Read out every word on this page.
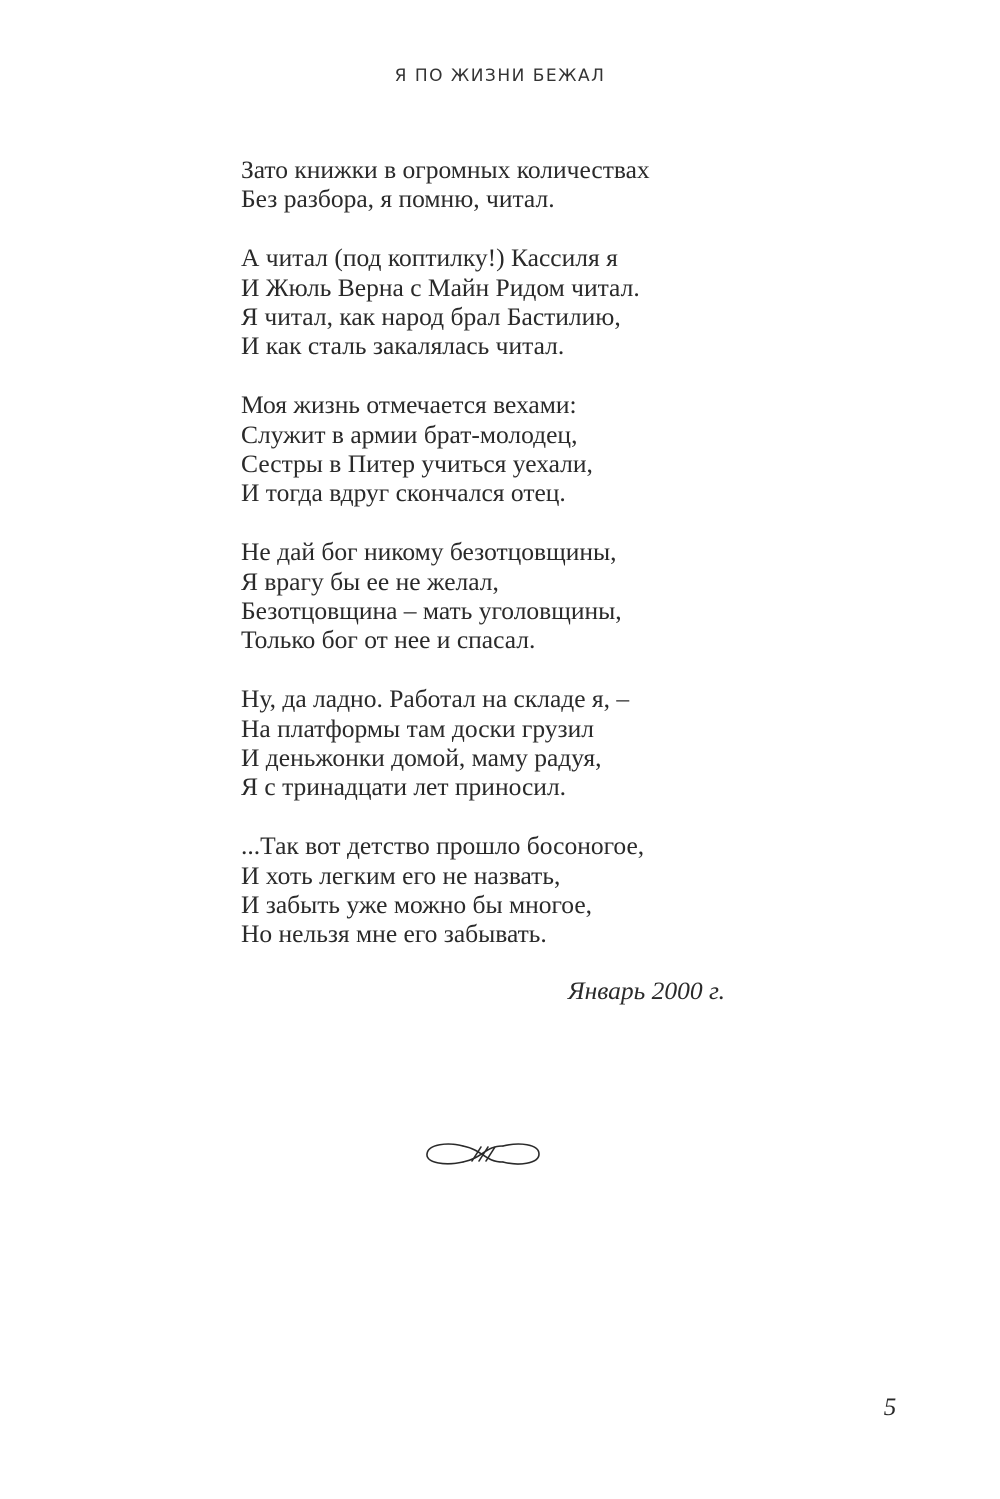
Я ПО ЖИЗНИ БЕЖАЛ
Зато книжки в огромных количествах
Без разбора, я помню, читал.
А читал (под коптилку!) Кассиля я
И Жюль Верна с Майн Ридом читал.
Я читал, как народ брал Бастилию,
И как сталь закалялась читал.
Моя жизнь отмечается вехами:
Служит в армии брат-молодец,
Сестры в Питер учиться уехали,
И тогда вдруг скончался отец.
Не дай бог никому безотцовщины,
Я врагу бы ее не желал,
Безотцовщина – мать уголовщины,
Только бог от нее и спасал.
Ну, да ладно. Работал на складе я, –
На платформы там доски грузил
И деньжонки домой, маму радуя,
Я с тринадцати лет приносил.
...Так вот детство прошло босоногое,
И хоть легким его не назвать,
И забыть уже можно бы многое,
Но нельзя мне его забывать.
Январь 2000 г.
5
